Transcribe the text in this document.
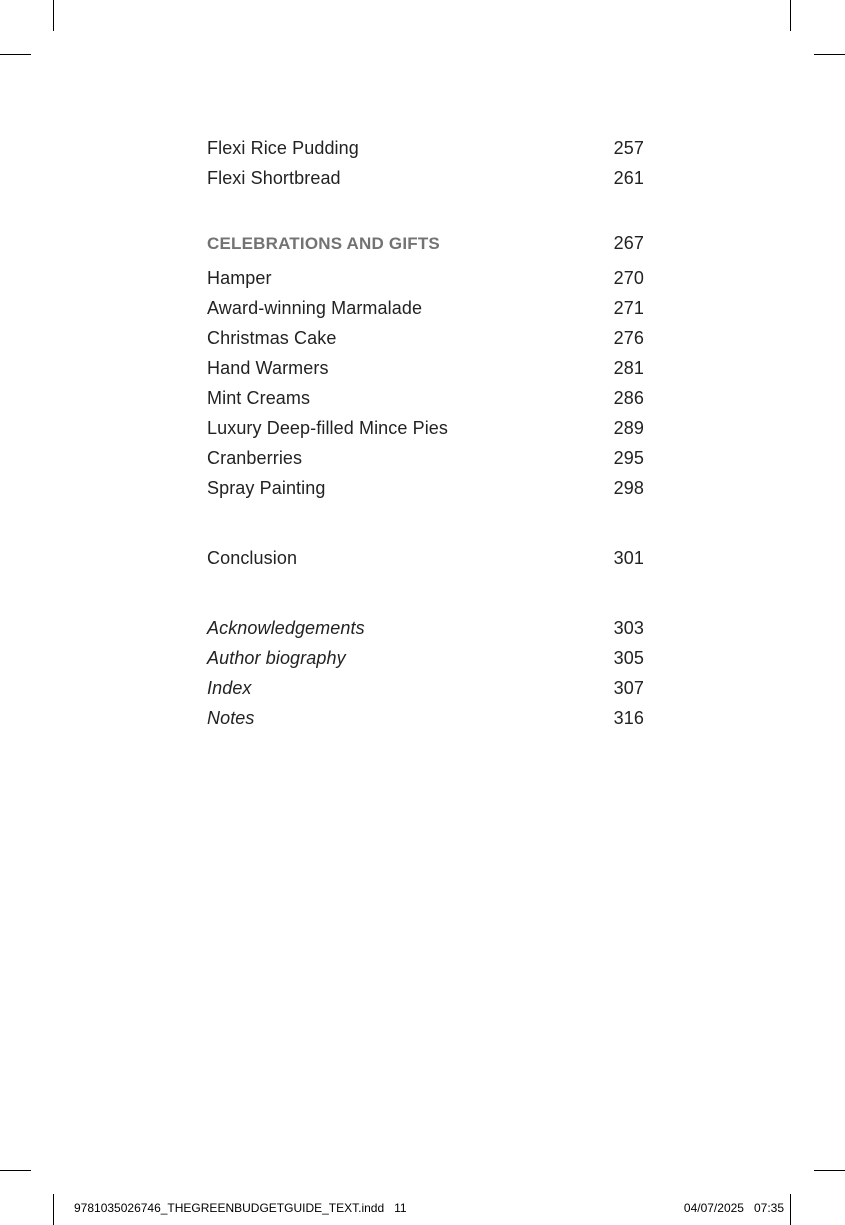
Flexi Rice Pudding	257
Flexi Shortbread	261
CELEBRATIONS AND GIFTS	267
Hamper	270
Award-winning Marmalade	271
Christmas Cake	276
Hand Warmers	281
Mint Creams	286
Luxury Deep-filled Mince Pies	289
Cranberries	295
Spray Painting	298
Conclusion	301
Acknowledgements	303
Author biography	305
Index	307
Notes	316
9781035026746_THEGREENBUDGETGUIDE_TEXT.indd   11	04/07/2025   07:35
